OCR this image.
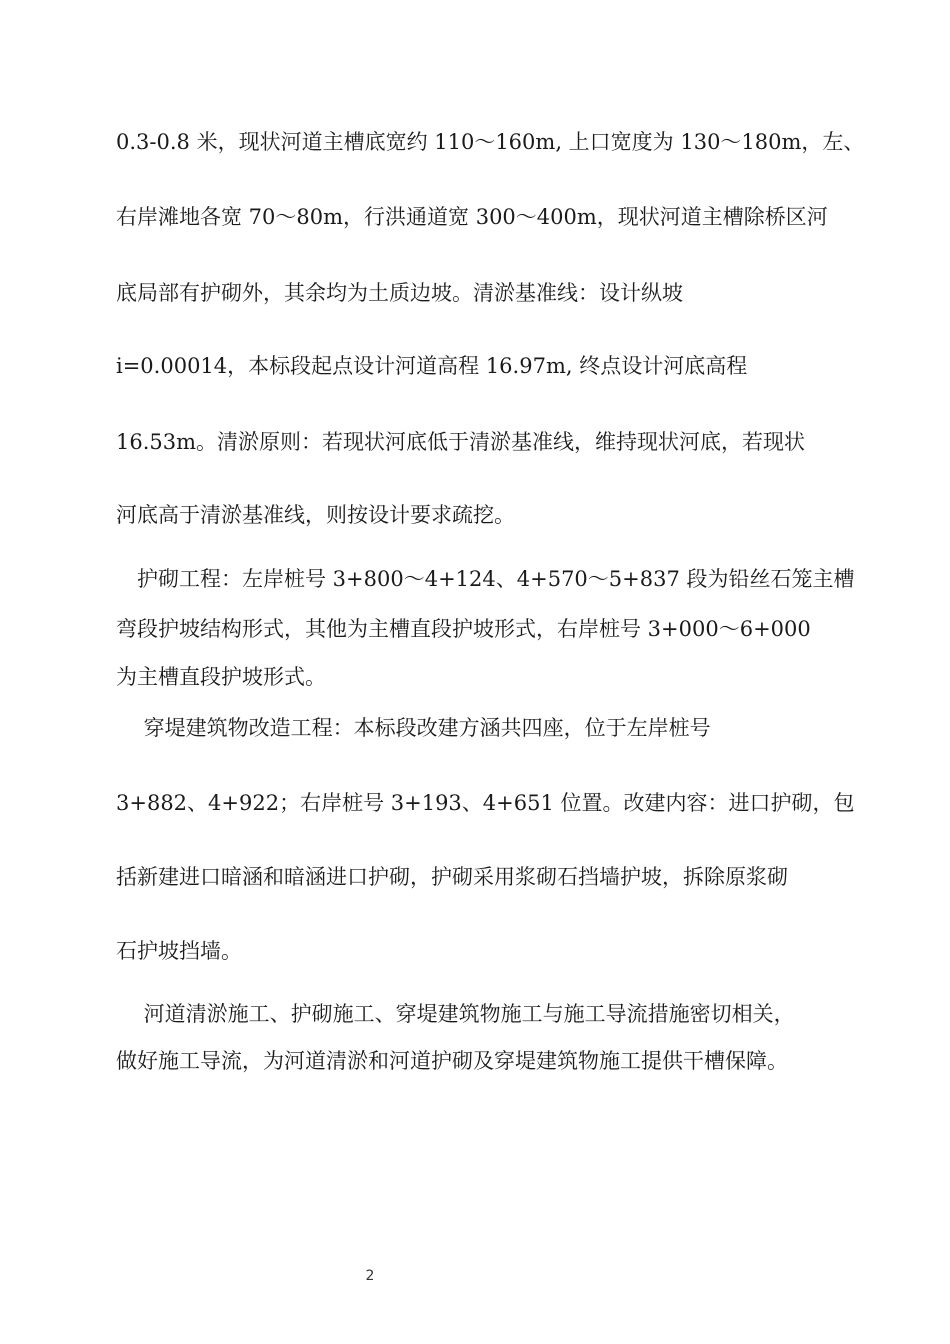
0.3-0.8 米，现状河道主槽底宽约 110～160m, 上口宽度为 130～180m，左、
右岸滩地各宽 70～80m，行洪通道宽 300～400m，现状河道主槽除桥区河
底局部有护砌外，其余均为土质边坡。清淤基准线：设计纵坡
i=0.00014，本标段起点设计河道高程 16.97m, 终点设计河底高程
16.53m。清淤原则：若现状河底低于清淤基准线，维持现状河底，若现状
河底高于清淤基准线，则按设计要求疏挖。
　护砌工程：左岸桩号 3+800～4+124、4+570～5+837 段为铅丝石笼主槽
弯段护坡结构形式，其他为主槽直段护坡形式，右岸桩号 3+000～6+000
为主槽直段护坡形式。
　 穿堤建筑物改造工程：本标段改建方涵共四座，位于左岸桩号
3+882、4+922；右岸桩号 3+193、4+651 位置。改建内容：进口护砌，包
括新建进口暗涵和暗涵进口护砌，护砌采用浆砌石挡墙护坡，拆除原浆砌
石护坡挡墙。
　 河道清淤施工、护砌施工、穿堤建筑物施工与施工导流措施密切相关，
做好施工导流，为河道清淤和河道护砌及穿堤建筑物施工提供干槽保障。
2
